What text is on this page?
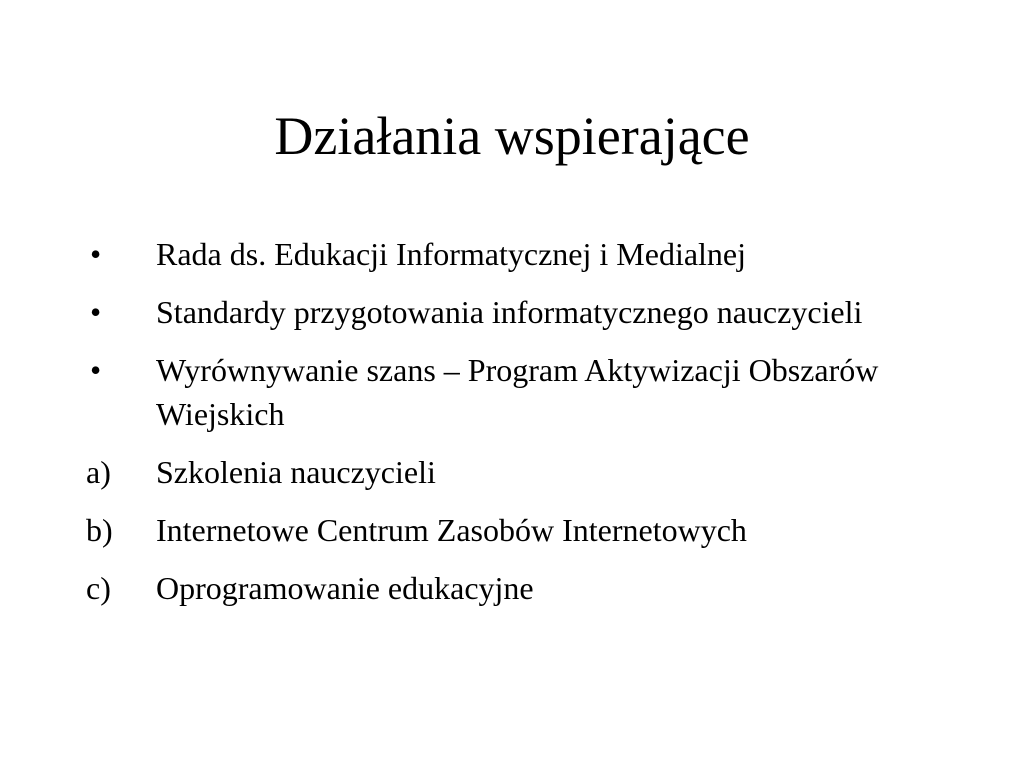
Działania wspierające
•	Rada ds. Edukacji Informatycznej i Medialnej
•	Standardy przygotowania informatycznego nauczycieli
•	Wyrównywanie szans – Program Aktywizacji Obszarów Wiejskich
a)	Szkolenia nauczycieli
b)	Internetowe Centrum Zasobów Internetowych
c)	Oprogramowanie edukacyjne
